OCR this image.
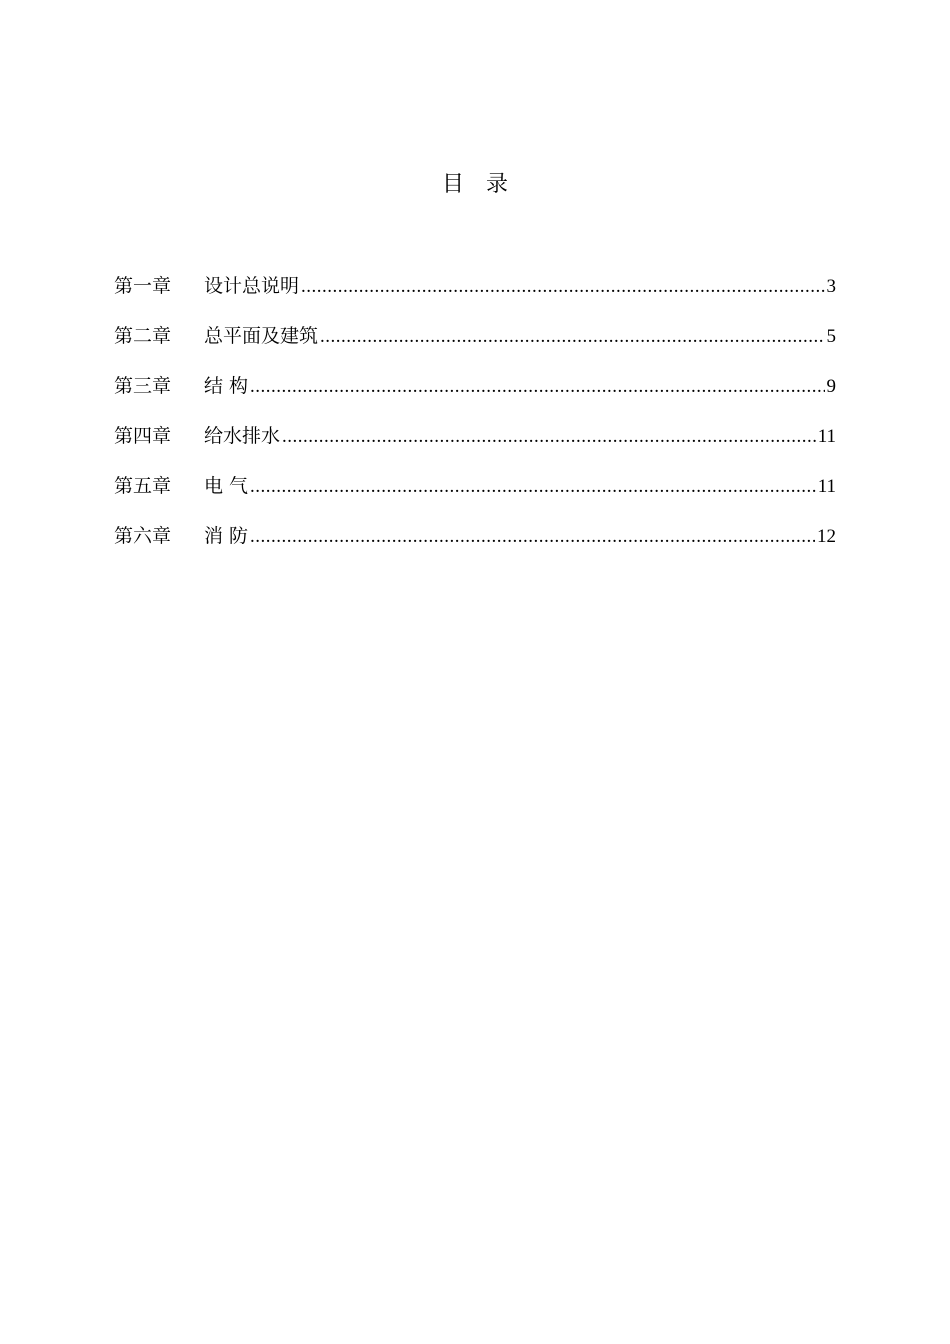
目　录
第一章	设计总说明 .....	3
第二章	总平面及建筑 .....	5
第三章	结 构 .....	9
第四章	给水排水 .....	11
第五章	电 气 .....	11
第六章	消 防 .....	12
